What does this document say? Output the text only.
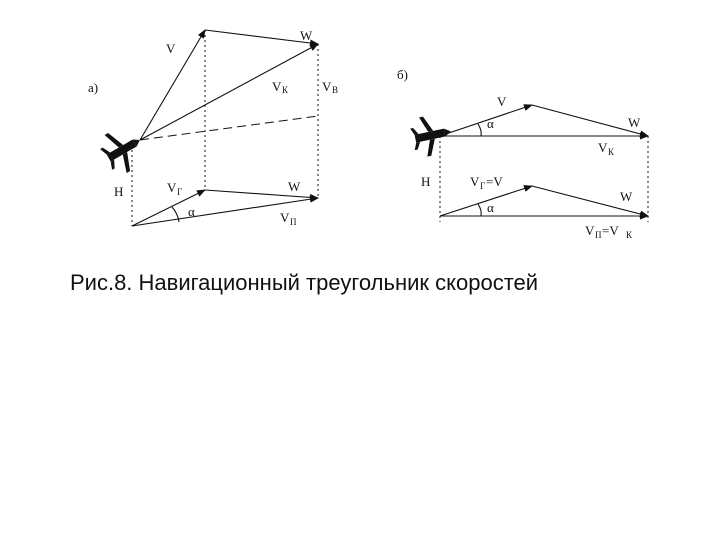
а)
V
W
V К	V В
Н	V Г	W
α	V П
б)
V
α	W
V К
Н	V Г =V
α
W
V П =V К
Рис.8. Навигационный треугольник скоростей
